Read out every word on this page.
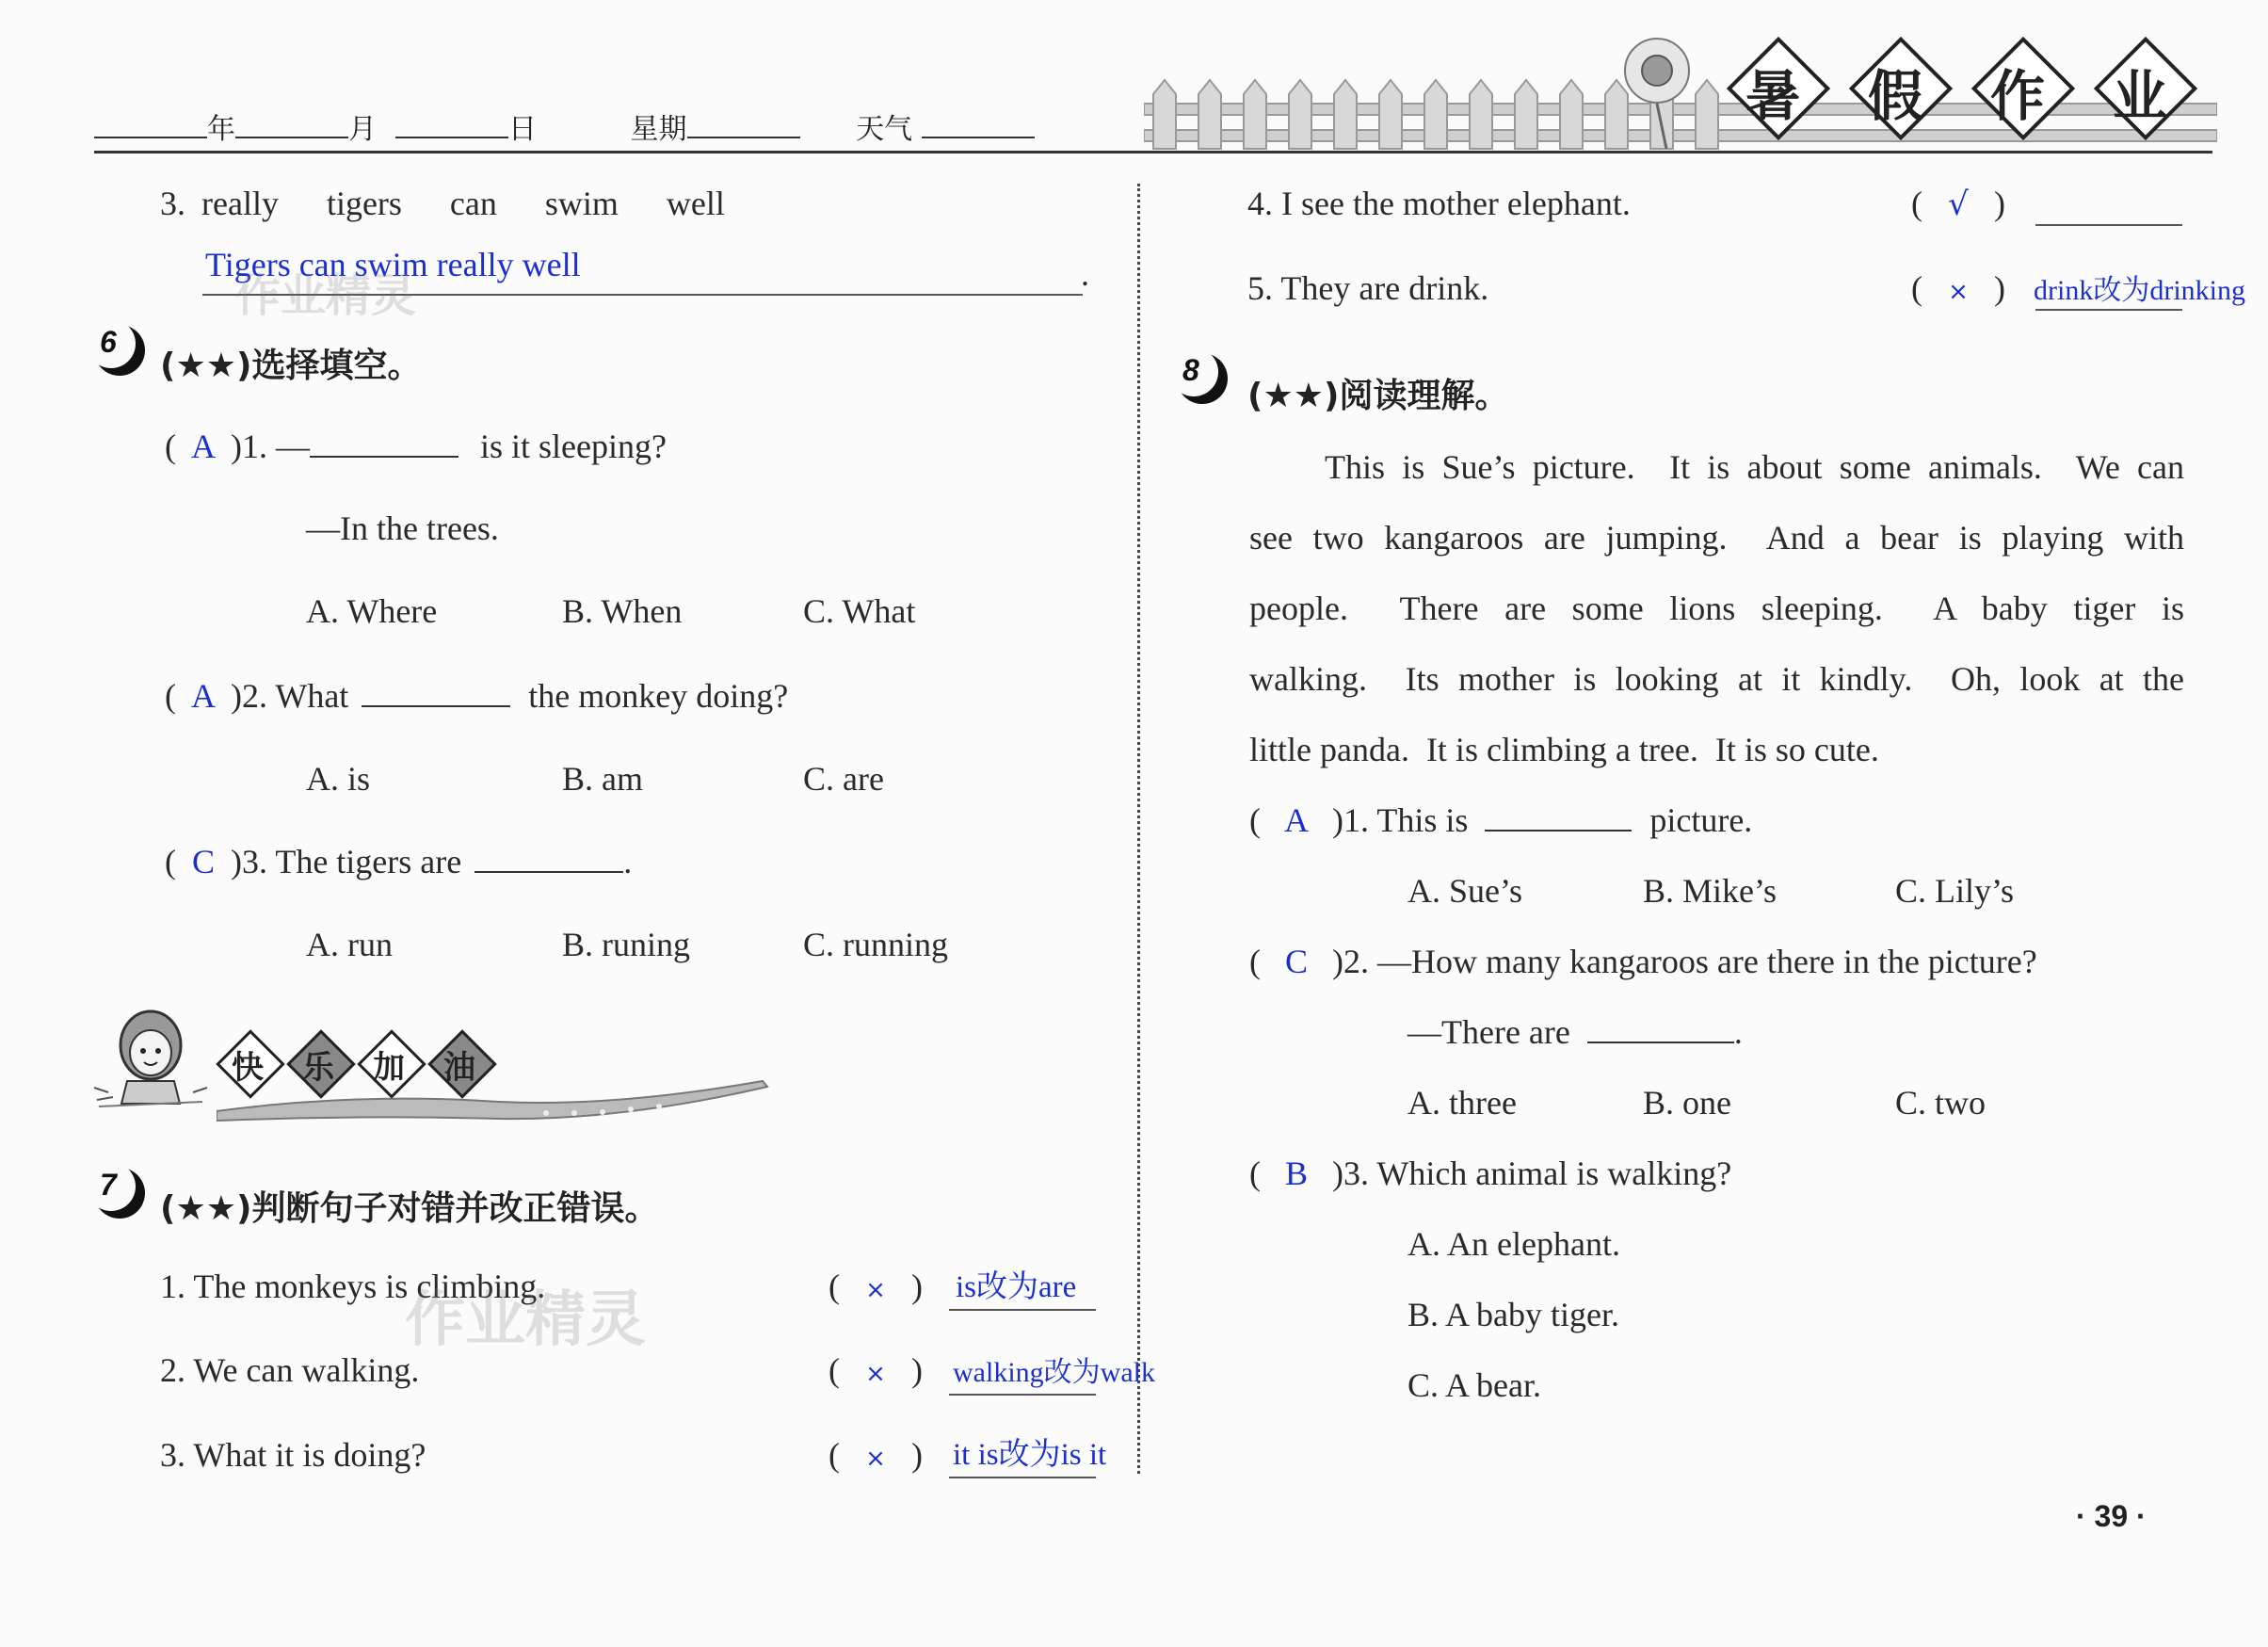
年	月	日	星期	天气
暑	假	作	业
3. really   tigers   can   swim   well
Tigers can swim really well	.
6
(★★)选择填空。
( A )1. —	is it sleeping?
—In the trees.
A. Where	B. When	C. What
( A )2. What	the monkey doing?
A. is	B. am	C. are
( C )3. The tigers are	.
A. run	B. runing	C. running
快	乐	加	油
7
(★★)判断句子对错并改正错误。
1. The monkeys is climbing.	( × ) is改为are
2. We can walking.	( × ) walking改为walk
3. What it is doing?	( × ) it is改为is it
作业精灵
作业精灵
4. I see the mother elephant.	( √ )
5. They are drink.	( × ) drink改为drinking
8
(★★)阅读理解。
This is Sue’s picture.  It is about some animals.  We can
see two kangaroos are jumping.  And a bear is playing with
people.  There are some lions sleeping.  A baby tiger is
walking.  Its mother is looking at it kindly.  Oh, look at the
little panda.  It is climbing a tree.  It is so cute.
( A )1. This is	picture.
A. Sue’s	B. Mike’s	C. Lily’s
( C )2. —How many kangaroos are there in the picture?
—There are	.
A. three	B. one	C. two
( B )3. Which animal is walking?
A. An elephant.
B. A baby tiger.
C. A bear.
· 39 ·
